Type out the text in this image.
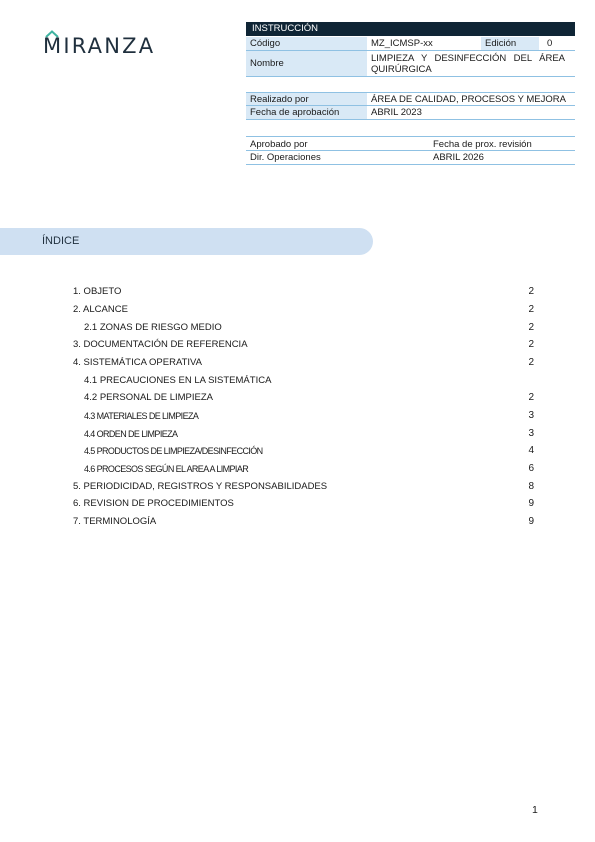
MIRANZA
INSTRUCCIÓN
Código	MZ_ICMSP-xx	Edición	0
Nombre	LIMPIEZA Y DESINFECCIÓN DEL ÁREA QUIRÚRGICA
Realizado por	ÁREA DE CALIDAD, PROCESOS Y MEJORA
Fecha de aprobación	ABRIL 2023
Aprobado por	Fecha de prox. revisión
Dir. Operaciones	ABRIL 2026
ÍNDICE
1. OBJETO	2
2. ALCANCE	2
2.1 ZONAS DE RIESGO MEDIO	2
3. DOCUMENTACIÓN DE REFERENCIA	2
4. SISTEMÁTICA OPERATIVA	2
4.1 PRECAUCIONES EN LA SISTEMÁTICA
4.2 PERSONAL DE LIMPIEZA	2
4.3 MATERIALES DE LIMPIEZA	3
4.4 ORDEN DE LIMPIEZA	3
4.5 PRODUCTOS DE LIMPIEZA/DESINFECCIÓN	4
4.6 PROCESOS SEGÚN EL AREA A LIMPIAR	6
5. PERIODICIDAD, REGISTROS Y RESPONSABILIDADES	8
6. REVISION DE PROCEDIMIENTOS	9
7. TERMINOLOGÍA	9
1
